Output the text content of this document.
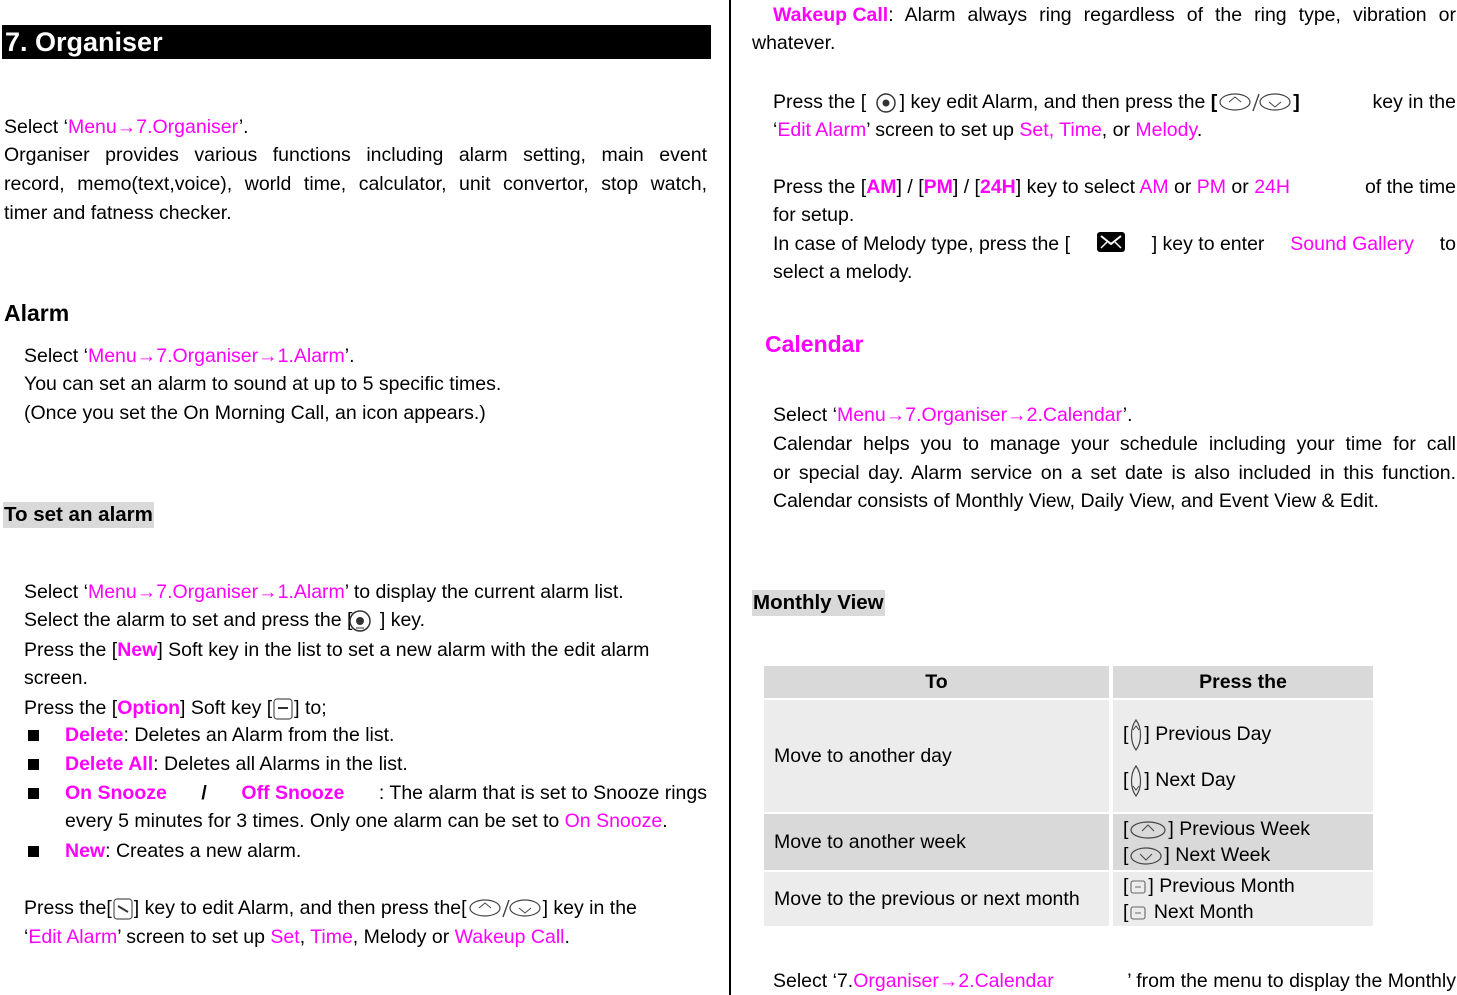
7. Organiser
Select ‘Menu→7.Organiser’.
Organiser provides various functions including alarm setting, main event
record, memo(text,voice), world time, calculator, unit convertor, stop watch,
timer and fatness checker.
Alarm
Select ‘Menu→7.Organiser→1.Alarm’.
You can set an alarm to sound at up to 5 specific times.
(Once you set the On Morning Call, an icon appears.)
To set an alarm
Select ‘Menu→7.Organiser→1.Alarm’ to display the current alarm list.
Select the alarm to set and press the [
] key.
Press the [New] Soft key in the list to set a new alarm with the edit alarm
screen.
Press the [Option] Soft key [ ] to;
Delete: Deletes an Alarm from the list.
Delete All: Deletes all Alarms in the list.
On Snooze / Off Snooze : The alarm that is set to Snooze rings
every 5 minutes for 3 times. Only one alarm can be set to On Snooze.
New: Creates a new alarm.
Press the[ ] key to edit Alarm, and then press the[	] key in the
‘Edit Alarm’ screen to set up Set, Time, Melody or Wakeup Call.
Wakeup Call : Alarm always ring regardless of the ring type, vibration or
whatever.
Press the [
] key edit Alarm, and then press the [	]	key in the
‘Edit Alarm’ screen to set up Set, Time, or Melody.
Press the [AM] / [PM] / [24H] key to select AM or PM or 24H	of the time
for setup.
In case of Melody type, press the [	] key to enter Sound Gallery to
select a melody.
Calendar
Select ‘Menu→7.Organiser→2.Calendar’.
Calendar helps you to manage your schedule including your time for call
or special day. Alarm service on a set date is also included in this function.
Calendar consists of Monthly View, Daily View, and Event View & Edit.
Monthly View
To	Press the
Move to another day	[ ] Previous Day
[ ] Next Day

Move to another week	[ ] Previous Week
[ ] Next Week

Move to the previous or next month	[ ] Previous Month
[
Next Month
Select ‘7.Organiser→2.Calendar	’ from the menu to display the Monthly
